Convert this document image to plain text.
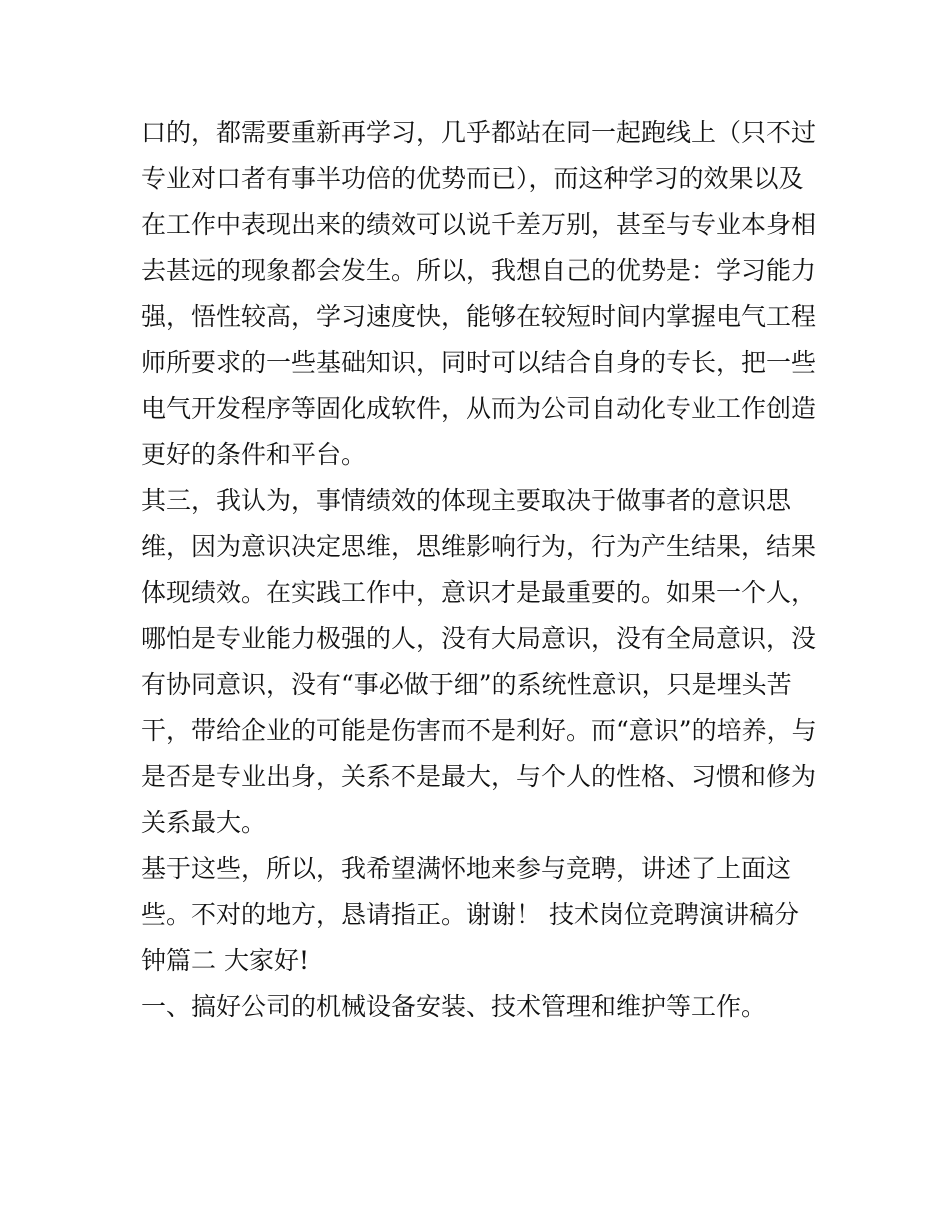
口的，都需要重新再学习，几乎都站在同一起跑线上（只不过
专业对口者有事半功倍的优势而已），而这种学习的效果以及
在工作中表现出来的绩效可以说千差万别，甚至与专业本身相
去甚远的现象都会发生。所以，我想自己的优势是：学习能力
强，悟性较高，学习速度快，能够在较短时间内掌握电气工程
师所要求的一些基础知识，同时可以结合自身的专长，把一些
电气开发程序等固化成软件，从而为公司自动化专业工作创造
更好的条件和平台。
其三，我认为，事情绩效的体现主要取决于做事者的意识思
维，因为意识决定思维，思维影响行为，行为产生结果，结果
体现绩效。在实践工作中，意识才是最重要的。如果一个人，
哪怕是专业能力极强的人，没有大局意识，没有全局意识，没
有协同意识，没有“事必做于细”的系统性意识，只是埋头苦
干，带给企业的可能是伤害而不是利好。而“意识”的培养，与
是否是专业出身，关系不是最大，与个人的性格、习惯和修为
关系最大。
基于这些，所以，我希望满怀地来参与竞聘，讲述了上面这
些。不对的地方，恳请指正。谢谢！ 技术岗位竞聘演讲稿分
钟篇二 大家好!
一、搞好公司的机械设备安装、技术管理和维护等工作。
